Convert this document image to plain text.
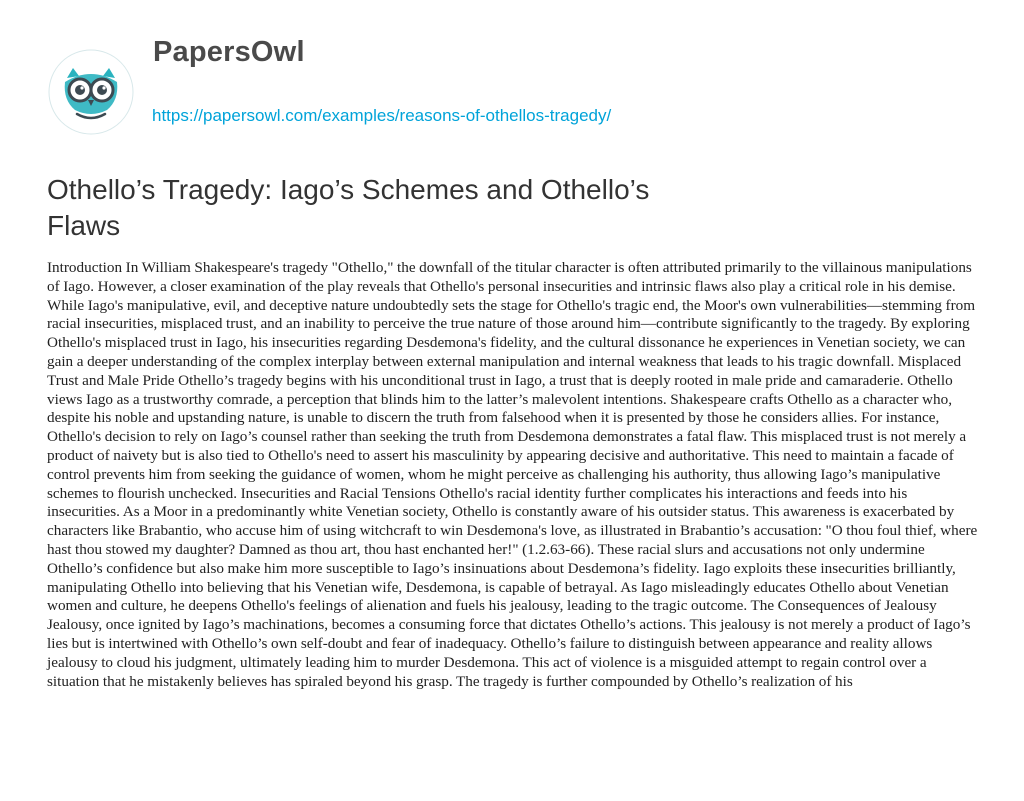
PapersOwl
https://papersowl.com/examples/reasons-of-othellos-tragedy/
Othello’s Tragedy: Iago’s Schemes and Othello’s Flaws

Introduction In William Shakespeare's tragedy "Othello," the downfall of the titular character is often attributed primarily to the villainous manipulations of Iago. However, a closer examination of the play reveals that Othello's personal insecurities and intrinsic flaws also play a critical role in his demise. While Iago's manipulative, evil, and deceptive nature undoubtedly sets the stage for Othello's tragic end, the Moor's own vulnerabilities—stemming from racial insecurities, misplaced trust, and an inability to perceive the true nature of those around him—contribute significantly to the tragedy. By exploring Othello's misplaced trust in Iago, his insecurities regarding Desdemona's fidelity, and the cultural dissonance he experiences in Venetian society, we can gain a deeper understanding of the complex interplay between external manipulation and internal weakness that leads to his tragic downfall. Misplaced Trust and Male Pride Othello’s tragedy begins with his unconditional trust in Iago, a trust that is deeply rooted in male pride and camaraderie. Othello views Iago as a trustworthy comrade, a perception that blinds him to the latter’s malevolent intentions. Shakespeare crafts Othello as a character who, despite his noble and upstanding nature, is unable to discern the truth from falsehood when it is presented by those he considers allies. For instance, Othello's decision to rely on Iago’s counsel rather than seeking the truth from Desdemona demonstrates a fatal flaw. This misplaced trust is not merely a product of naivety but is also tied to Othello's need to assert his masculinity by appearing decisive and authoritative. This need to maintain a facade of control prevents him from seeking the guidance of women, whom he might perceive as challenging his authority, thus allowing Iago’s manipulative schemes to flourish unchecked. Insecurities and Racial Tensions Othello's racial identity further complicates his interactions and feeds into his insecurities. As a Moor in a predominantly white Venetian society, Othello is constantly aware of his outsider status. This awareness is exacerbated by characters like Brabantio, who accuse him of using witchcraft to win Desdemona's love, as illustrated in Brabantio’s accusation: "O thou foul thief, where hast thou stowed my daughter? Damned as thou art, thou hast enchanted her!" (1.2.63-66). These racial slurs and accusations not only undermine Othello’s confidence but also make him more susceptible to Iago’s insinuations about Desdemona’s fidelity. Iago exploits these insecurities brilliantly, manipulating Othello into believing that his Venetian wife, Desdemona, is capable of betrayal. As Iago misleadingly educates Othello about Venetian women and culture, he deepens Othello's feelings of alienation and fuels his jealousy, leading to the tragic outcome. The Consequences of Jealousy Jealousy, once ignited by Iago’s machinations, becomes a consuming force that dictates Othello’s actions. This jealousy is not merely a product of Iago’s lies but is intertwined with Othello’s own self-doubt and fear of inadequacy. Othello’s failure to distinguish between appearance and reality allows jealousy to cloud his judgment, ultimately leading him to murder Desdemona. This act of violence is a misguided attempt to regain control over a situation that he mistakenly believes has spiraled beyond his grasp. The tragedy is further compounded by Othello’s realization of his
